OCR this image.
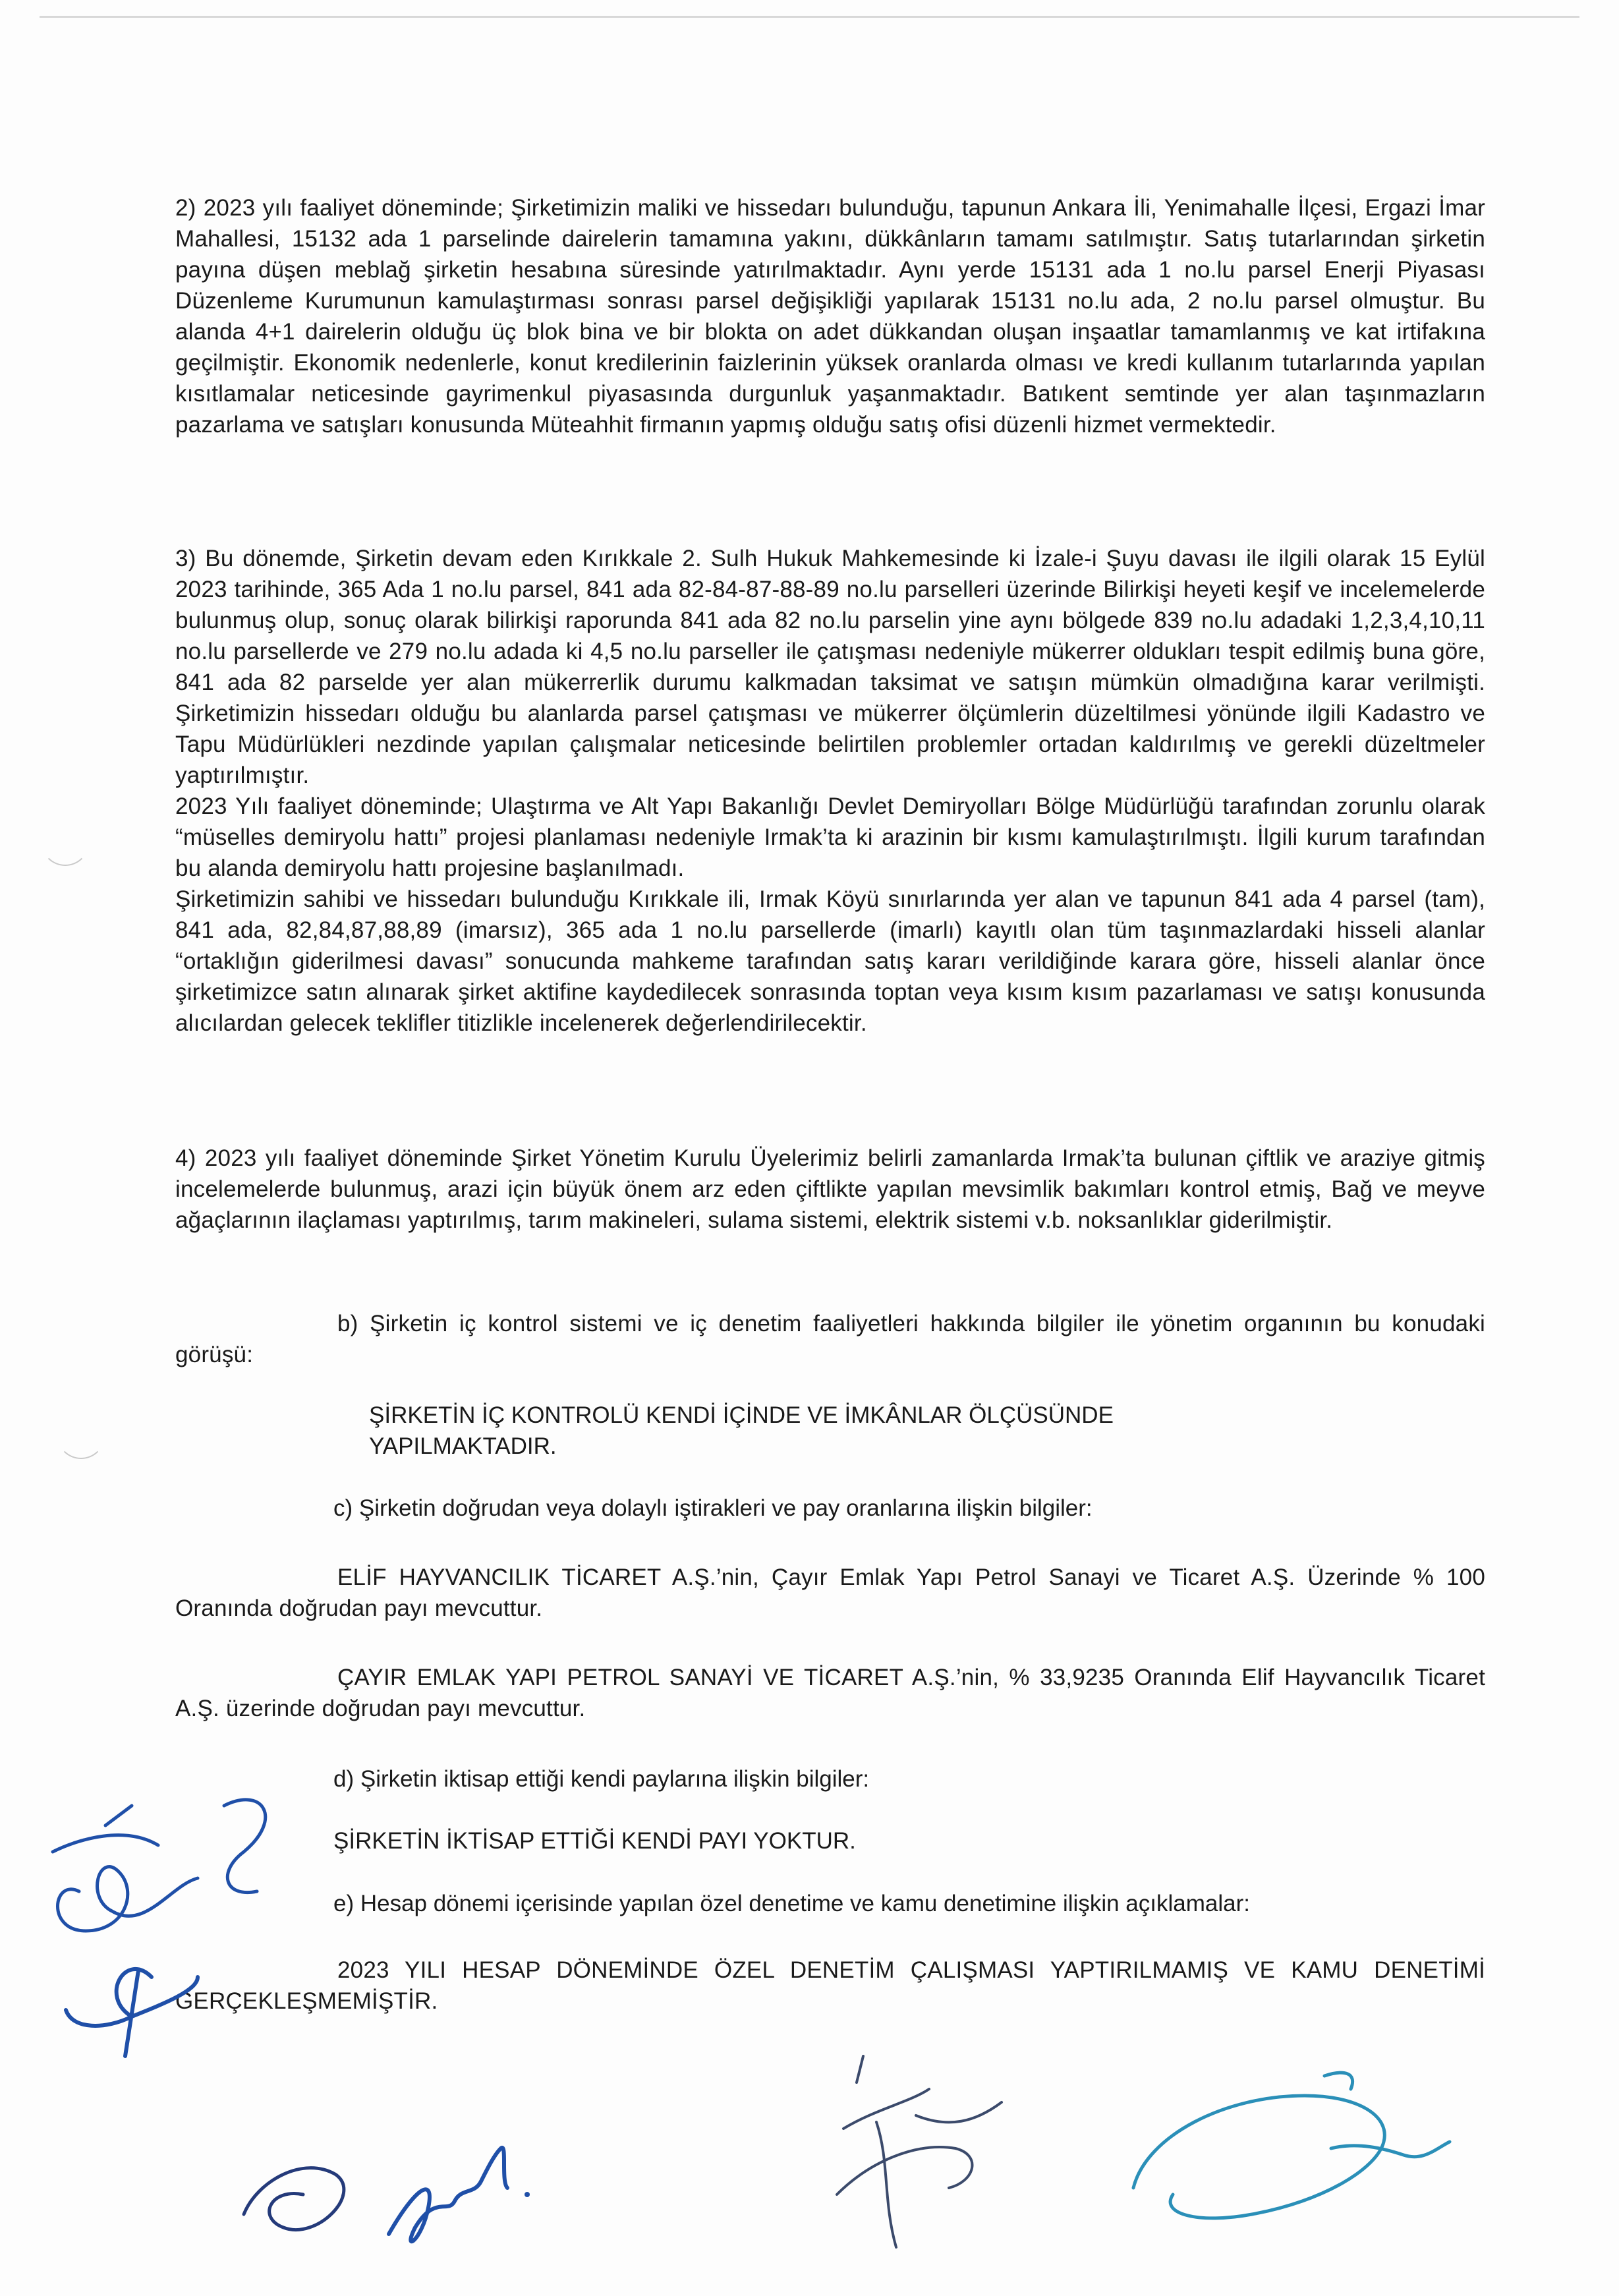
2) 2023 yılı faaliyet döneminde; Şirketimizin maliki ve hissedarı bulunduğu, tapunun Ankara İli, Yenimahalle İlçesi, Ergazi İmar Mahallesi, 15132 ada 1 parselinde dairelerin tamamına yakını, dükkânların tamamı satılmıştır. Satış tutarlarından şirketin payına düşen meblağ şirketin hesabına süresinde yatırılmaktadır. Aynı yerde 15131 ada 1 no.lu parsel Enerji Piyasası Düzenleme Kurumunun kamulaştırması sonrası parsel değişikliği yapılarak 15131 no.lu ada, 2 no.lu parsel olmuştur. Bu alanda 4+1 dairelerin olduğu üç blok bina ve bir blokta on adet dükkandan oluşan inşaatlar tamamlanmış ve kat irtifakına geçilmiştir. Ekonomik nedenlerle, konut kredilerinin faizlerinin yüksek oranlarda olması ve kredi kullanım tutarlarında yapılan kısıtlamalar neticesinde gayrimenkul piyasasında durgunluk yaşanmaktadır. Batıkent semtinde yer alan taşınmazların pazarlama ve satışları konusunda Müteahhit firmanın yapmış olduğu satış ofisi düzenli hizmet vermektedir.

3) Bu dönemde, Şirketin devam eden Kırıkkale 2. Sulh Hukuk Mahkemesinde ki İzale-i Şuyu davası ile ilgili olarak 15 Eylül 2023 tarihinde, 365 Ada 1 no.lu parsel, 841 ada 82-84-87-88-89 no.lu parselleri üzerinde Bilirkişi heyeti keşif ve incelemelerde bulunmuş olup, sonuç olarak bilirkişi raporunda 841 ada 82 no.lu parselin yine aynı bölgede 839 no.lu adadaki 1,2,3,4,10,11 no.lu parsellerde ve 279 no.lu adada ki 4,5 no.lu parseller ile çatışması nedeniyle mükerrer oldukları tespit edilmiş buna göre, 841 ada 82 parselde yer alan mükerrerlik durumu kalkmadan taksimat ve satışın mümkün olmadığına karar verilmişti. Şirketimizin hissedarı olduğu bu alanlarda parsel çatışması ve mükerrer ölçümlerin düzeltilmesi yönünde ilgili Kadastro ve Tapu Müdürlükleri nezdinde yapılan çalışmalar neticesinde belirtilen problemler ortadan kaldırılmış ve gerekli düzeltmeler yaptırılmıştır.

2023 Yılı faaliyet döneminde; Ulaştırma ve Alt Yapı Bakanlığı Devlet Demiryolları Bölge Müdürlüğü tarafından zorunlu olarak “müselles demiryolu hattı” projesi planlaması nedeniyle Irmak’ta ki arazinin bir kısmı kamulaştırılmıştı. İlgili kurum tarafından bu alanda demiryolu hattı projesine başlanılmadı.

Şirketimizin sahibi ve hissedarı bulunduğu Kırıkkale ili, Irmak Köyü sınırlarında yer alan ve tapunun 841 ada 4 parsel (tam), 841 ada, 82,84,87,88,89 (imarsız), 365 ada 1 no.lu parsellerde (imarlı) kayıtlı olan tüm taşınmazlardaki hisseli alanlar “ortaklığın giderilmesi davası” sonucunda mahkeme tarafından satış kararı verildiğinde karara göre, hisseli alanlar önce şirketimizce satın alınarak şirket aktifine kaydedilecek sonrasında toptan veya kısım kısım pazarlaması ve satışı konusunda alıcılardan gelecek teklifler titizlikle incelenerek değerlendirilecektir.

4) 2023 yılı faaliyet döneminde Şirket Yönetim Kurulu Üyelerimiz belirli zamanlarda Irmak’ta bulunan çiftlik ve araziye gitmiş incelemelerde bulunmuş, arazi için büyük önem arz eden çiftlikte yapılan mevsimlik bakımları kontrol etmiş, Bağ ve meyve ağaçlarının ilaçlaması yaptırılmış, tarım makineleri, sulama sistemi, elektrik sistemi v.b. noksanlıklar giderilmiştir.

b) Şirketin iç kontrol sistemi ve iç denetim faaliyetleri hakkında bilgiler ile yönetim organının bu konudaki görüşü:

ŞİRKETİN İÇ KONTROLÜ KENDİ İÇİNDE VE İMKÂNLAR ÖLÇÜSÜNDE YAPILMAKTADIR.
c) Şirketin doğrudan veya dolaylı iştirakleri ve pay oranlarına ilişkin bilgiler:

ELİF HAYVANCILIK TİCARET A.Ş.’nin, Çayır Emlak Yapı Petrol Sanayi ve Ticaret A.Ş. Üzerinde % 100 Oranında doğrudan payı mevcuttur.

ÇAYIR EMLAK YAPI PETROL SANAYİ VE TİCARET A.Ş.’nin, % 33,9235 Oranında Elif Hayvancılık Ticaret A.Ş. üzerinde doğrudan payı mevcuttur.

d) Şirketin iktisap ettiği kendi paylarına ilişkin bilgiler:
ŞİRKETİN İKTİSAP ETTİĞİ KENDİ PAYI YOKTUR.
e) Hesap dönemi içerisinde yapılan özel denetime ve kamu denetimine ilişkin açıklamalar:

2023 YILI HESAP DÖNEMİNDE ÖZEL DENETİM ÇALIŞMASI YAPTIRILMAMIŞ VE KAMU DENETİMİ GERÇEKLEŞMEMİŞTİR.
